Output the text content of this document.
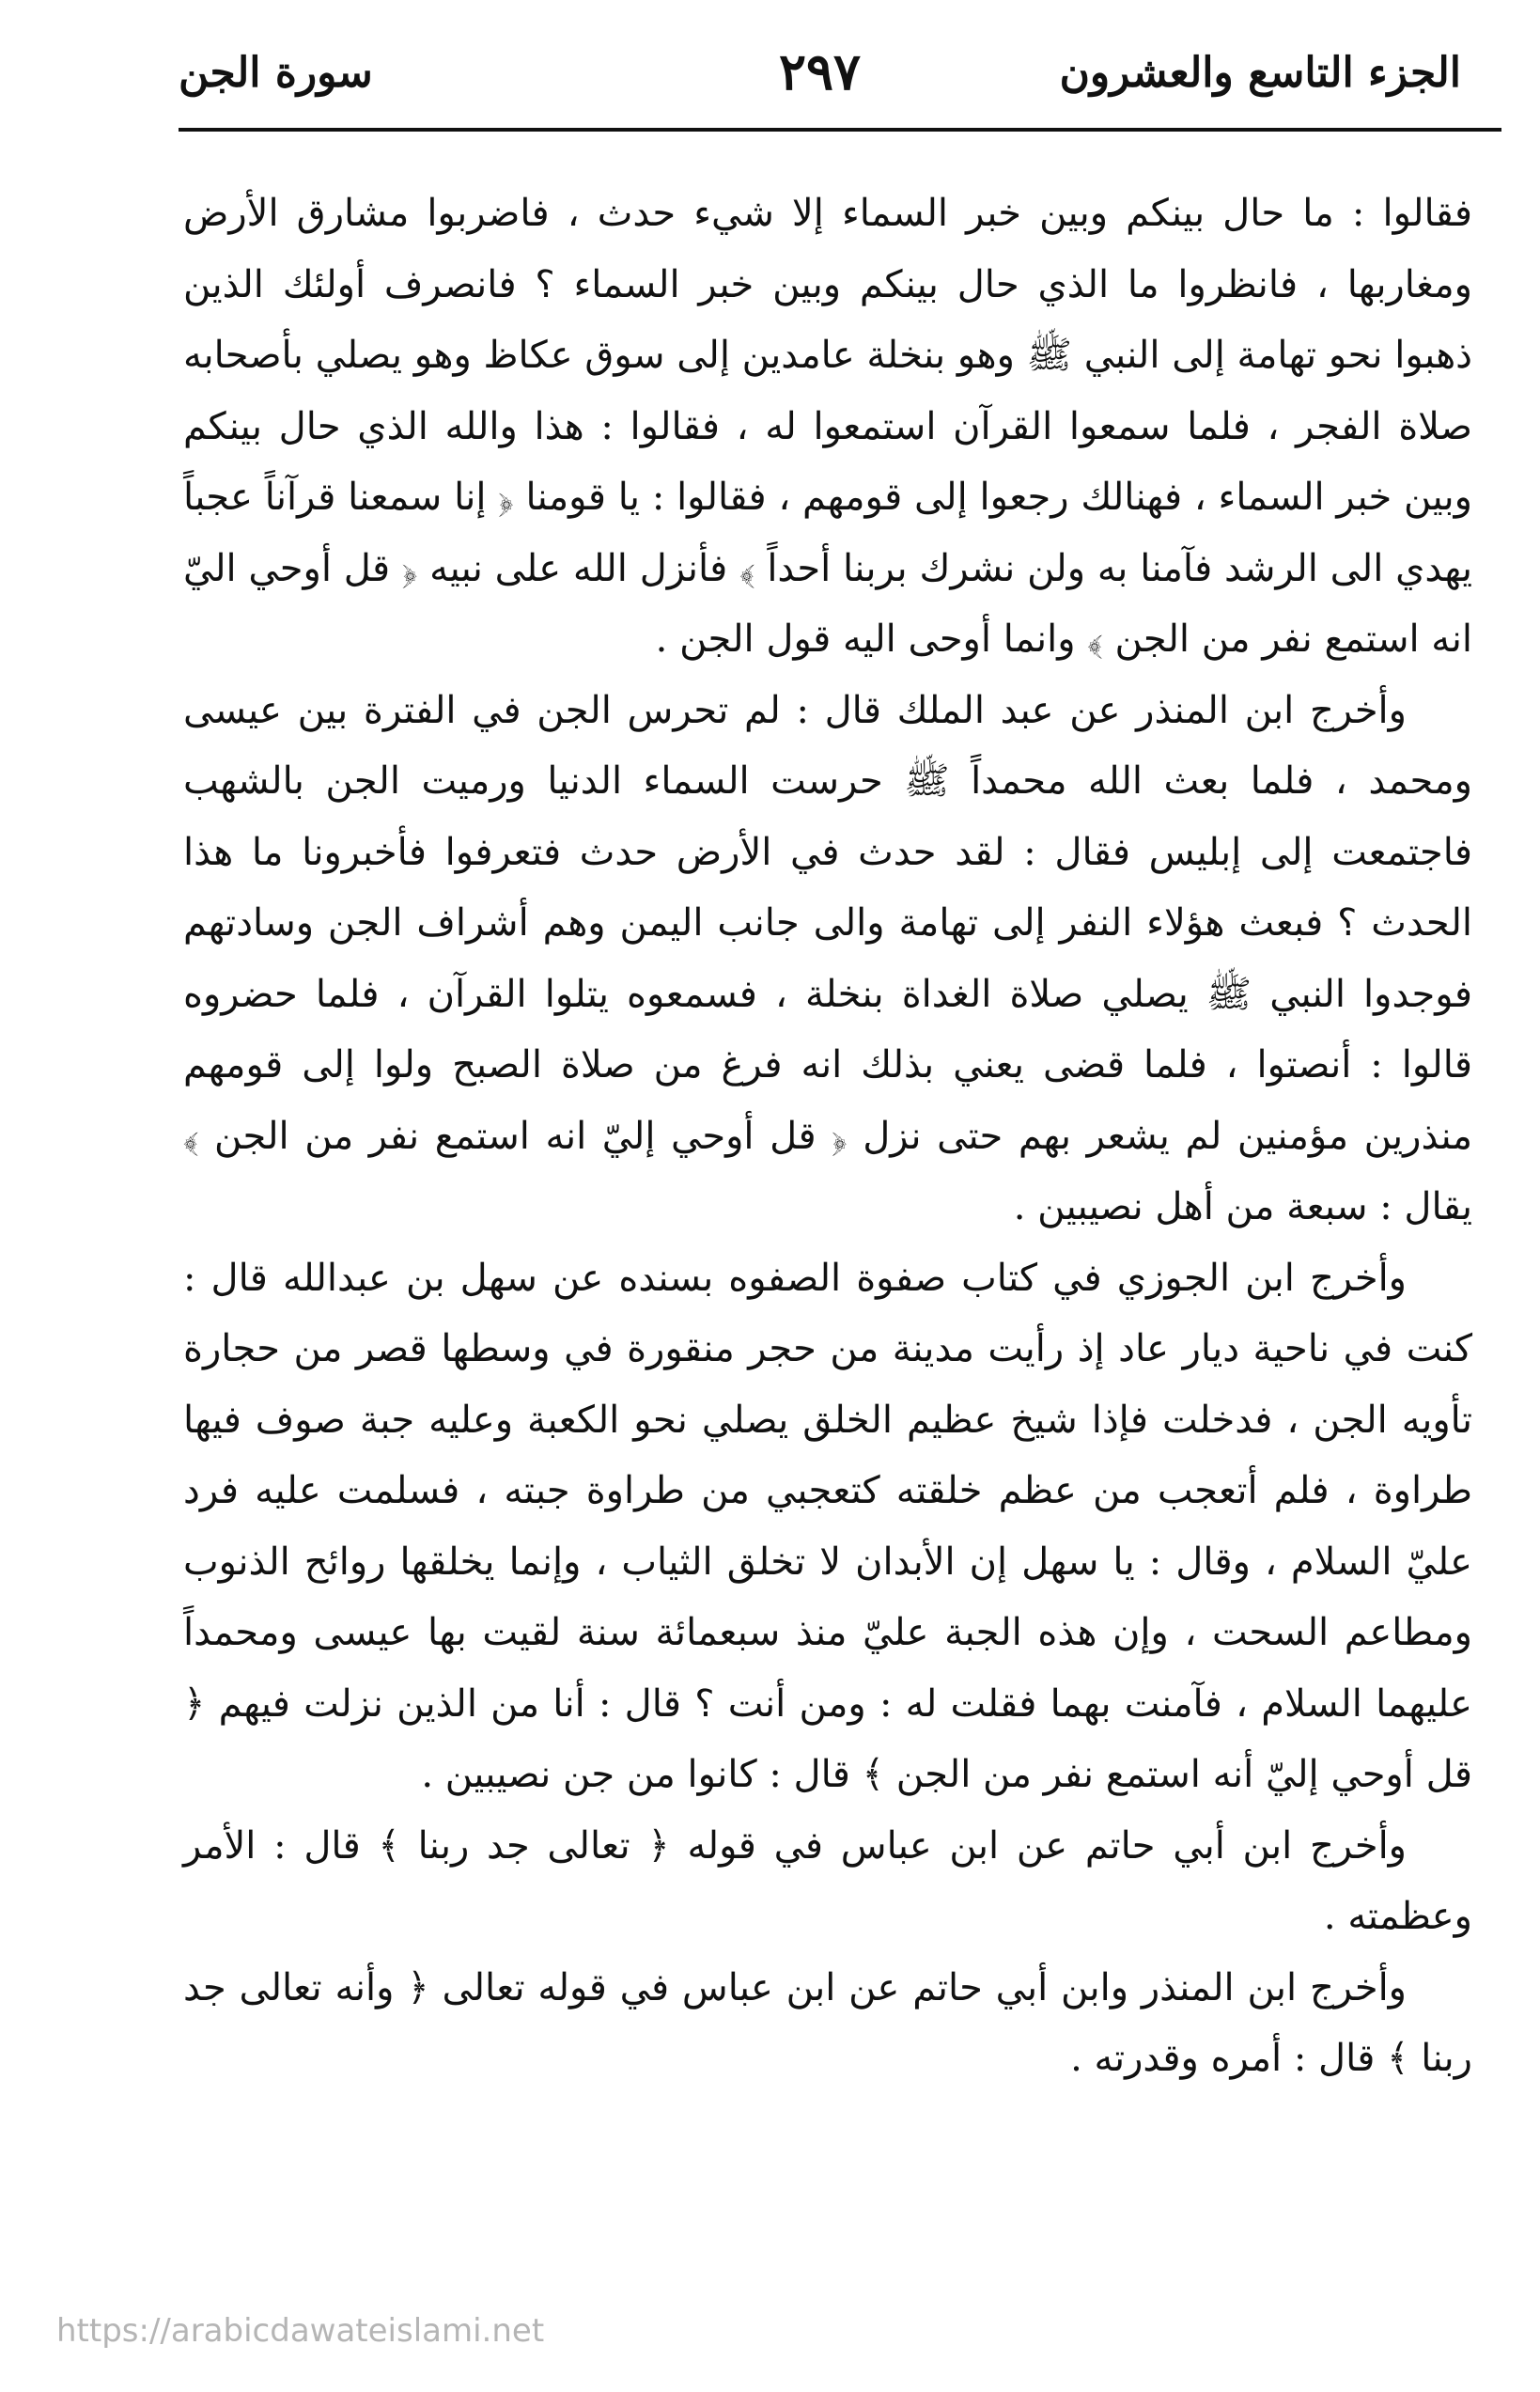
الجزء التاسع والعشرون
٢٩٧
سورة الجن

فقالوا : ما حال بينكم وبين خبر السماء إلا شيء حدث ، فاضربوا مشارق الأرض ومغاربها ، فانظروا ما الذي حال بينكم وبين خبر السماء ؟ فانصرف أولئك الذين ذهبوا نحو تهامة إلى النبي ﷺ وهو بنخلة عامدين إلى سوق عكاظ وهو يصلي بأصحابه صلاة الفجر ، فلما سمعوا القرآن استمعوا له ، فقالوا : هذا والله الذي حال بينكم وبين خبر السماء ، فهنالك رجعوا إلى قومهم ، فقالوا : يا قومنا ﴿ إنا سمعنا قرآناً عجباً يهدي الى الرشد فآمنا به ولن نشرك بربنا أحداً ﴾ فأنزل الله على نبيه ﴿ قل أوحي اليّ انه استمع نفر من الجن ﴾ وانما أوحى اليه قول الجن .

وأخرج ابن المنذر عن عبد الملك قال : لم تحرس الجن في الفترة بين عيسى ومحمد ، فلما بعث الله محمداً ﷺ حرست السماء الدنيا ورميت الجن بالشهب فاجتمعت إلى إبليس فقال : لقد حدث في الأرض حدث فتعرفوا فأخبرونا ما هذا الحدث ؟ فبعث هؤلاء النفر إلى تهامة والى جانب اليمن وهم أشراف الجن وسادتهم فوجدوا النبي ﷺ يصلي صلاة الغداة بنخلة ، فسمعوه يتلوا القرآن ، فلما حضروه قالوا : أنصتوا ، فلما قضى يعني بذلك انه فرغ من صلاة الصبح ولوا إلى قومهم منذرين مؤمنين لم يشعر بهم حتى نزل ﴿ قل أوحي إليّ انه استمع نفر من الجن ﴾ يقال : سبعة من أهل نصيبين .

وأخرج ابن الجوزي في كتاب صفوة الصفوه بسنده عن سهل بن عبدالله قال : كنت في ناحية ديار عاد إذ رأيت مدينة من حجر منقورة في وسطها قصر من حجارة تأويه الجن ، فدخلت فإذا شيخ عظيم الخلق يصلي نحو الكعبة وعليه جبة صوف فيها طراوة ، فلم أتعجب من عظم خلقته كتعجبي من طراوة جبته ، فسلمت عليه فرد عليّ السلام ، وقال : يا سهل إن الأبدان لا تخلق الثياب ، وإنما يخلقها روائح الذنوب ومطاعم السحت ، وإن هذه الجبة عليّ منذ سبعمائة سنة لقيت بها عيسى ومحمداً عليهما السلام ، فآمنت بهما فقلت له : ومن أنت ؟ قال : أنا من الذين نزلت فيهم ﴿ قل أوحي إليّ أنه استمع نفر من الجن ﴾ قال : كانوا من جن نصيبين .

وأخرج ابن أبي حاتم عن ابن عباس في قوله ﴿ تعالى جد ربنا ﴾ قال : الأمر وعظمته .

وأخرج ابن المنذر وابن أبي حاتم عن ابن عباس في قوله تعالى ﴿ وأنه تعالى جد ربنا ﴾ قال : أمره وقدرته .

https://arabicdawateislami.net
